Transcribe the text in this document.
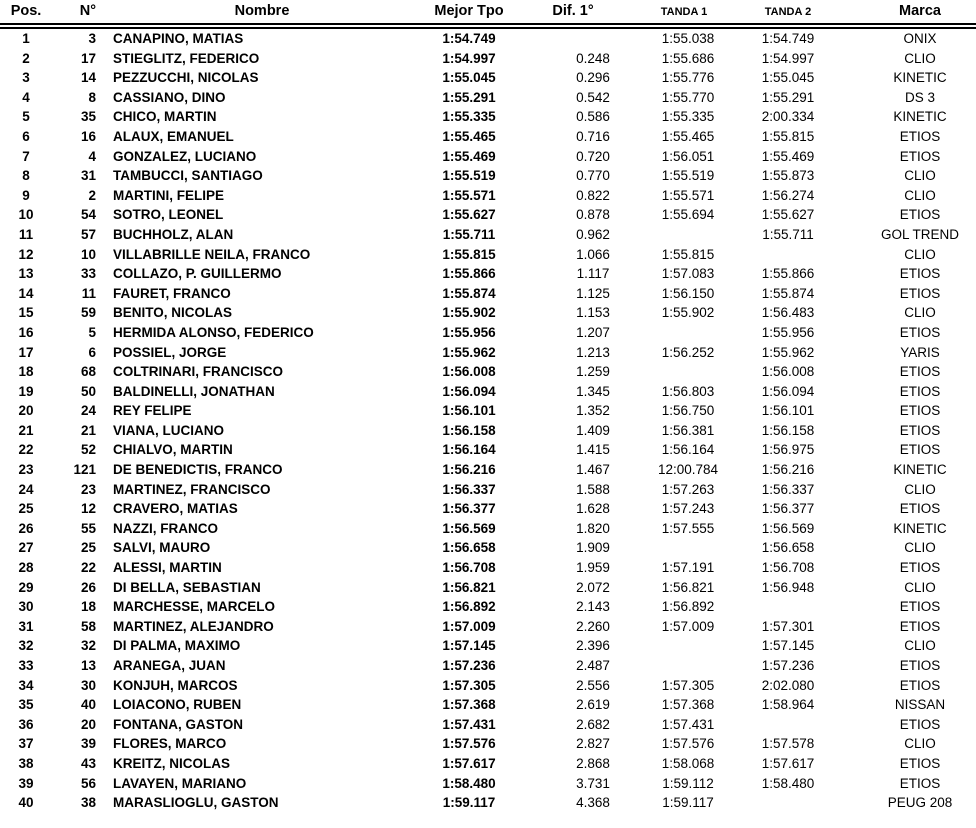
Pos.	N°	Nombre	Mejor Tpo	Dif. 1°	TANDA 1	TANDA 2	Marca
1	3	CANAPINO, MATIAS	1:54.749		1:55.038	1:54.749	ONIX
2	17	STIEGLITZ, FEDERICO	1:54.997	0.248	1:55.686	1:54.997	CLIO
3	14	PEZZUCCHI, NICOLAS	1:55.045	0.296	1:55.776	1:55.045	KINETIC
4	8	CASSIANO, DINO	1:55.291	0.542	1:55.770	1:55.291	DS 3
5	35	CHICO, MARTIN	1:55.335	0.586	1:55.335	2:00.334	KINETIC
6	16	ALAUX, EMANUEL	1:55.465	0.716	1:55.465	1:55.815	ETIOS
7	4	GONZALEZ, LUCIANO	1:55.469	0.720	1:56.051	1:55.469	ETIOS
8	31	TAMBUCCI, SANTIAGO	1:55.519	0.770	1:55.519	1:55.873	CLIO
9	2	MARTINI, FELIPE	1:55.571	0.822	1:55.571	1:56.274	CLIO
10	54	SOTRO, LEONEL	1:55.627	0.878	1:55.694	1:55.627	ETIOS
11	57	BUCHHOLZ, ALAN	1:55.711	0.962		1:55.711	GOL TREND
12	10	VILLABRILLE NEILA, FRANCO	1:55.815	1.066	1:55.815		CLIO
13	33	COLLAZO, P. GUILLERMO	1:55.866	1.117	1:57.083	1:55.866	ETIOS
14	11	FAURET, FRANCO	1:55.874	1.125	1:56.150	1:55.874	ETIOS
15	59	BENITO, NICOLAS	1:55.902	1.153	1:55.902	1:56.483	CLIO
16	5	HERMIDA ALONSO, FEDERICO	1:55.956	1.207		1:55.956	ETIOS
17	6	POSSIEL, JORGE	1:55.962	1.213	1:56.252	1:55.962	YARIS
18	68	COLTRINARI, FRANCISCO	1:56.008	1.259		1:56.008	ETIOS
19	50	BALDINELLI, JONATHAN	1:56.094	1.345	1:56.803	1:56.094	ETIOS
20	24	REY FELIPE	1:56.101	1.352	1:56.750	1:56.101	ETIOS
21	21	VIANA, LUCIANO	1:56.158	1.409	1:56.381	1:56.158	ETIOS
22	52	CHIALVO, MARTIN	1:56.164	1.415	1:56.164	1:56.975	ETIOS
23	121	DE BENEDICTIS, FRANCO	1:56.216	1.467	12:00.784	1:56.216	KINETIC
24	23	MARTINEZ, FRANCISCO	1:56.337	1.588	1:57.263	1:56.337	CLIO
25	12	CRAVERO, MATIAS	1:56.377	1.628	1:57.243	1:56.377	ETIOS
26	55	NAZZI, FRANCO	1:56.569	1.820	1:57.555	1:56.569	KINETIC
27	25	SALVI, MAURO	1:56.658	1.909		1:56.658	CLIO
28	22	ALESSI, MARTIN	1:56.708	1.959	1:57.191	1:56.708	ETIOS
29	26	DI BELLA, SEBASTIAN	1:56.821	2.072	1:56.821	1:56.948	CLIO
30	18	MARCHESSE, MARCELO	1:56.892	2.143	1:56.892		ETIOS
31	58	MARTINEZ, ALEJANDRO	1:57.009	2.260	1:57.009	1:57.301	ETIOS
32	32	DI PALMA, MAXIMO	1:57.145	2.396		1:57.145	CLIO
33	13	ARANEGA, JUAN	1:57.236	2.487		1:57.236	ETIOS
34	30	KONJUH, MARCOS	1:57.305	2.556	1:57.305	2:02.080	ETIOS
35	40	LOIACONO, RUBEN	1:57.368	2.619	1:57.368	1:58.964	NISSAN
36	20	FONTANA, GASTON	1:57.431	2.682	1:57.431		ETIOS
37	39	FLORES, MARCO	1:57.576	2.827	1:57.576	1:57.578	CLIO
38	43	KREITZ, NICOLAS	1:57.617	2.868	1:58.068	1:57.617	ETIOS
39	56	LAVAYEN, MARIANO	1:58.480	3.731	1:59.112	1:58.480	ETIOS
40	38	MARASLIOGLU, GASTON	1:59.117	4.368	1:59.117		PEUG 208
